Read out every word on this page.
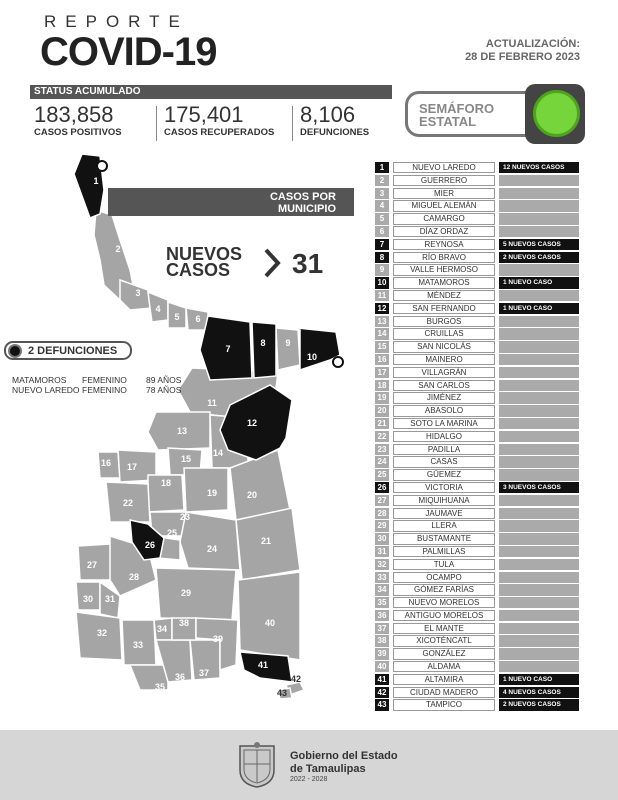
REPORTE
COVID-19	ACTUALIZACIÓN:
28 DE FEBRERO 2023
STATUS ACUMULADO
183,858
CASOS POSITIVOS
175,401
CASOS RECUPERADOS
8,106
DEFUNCIONES
SEMÁFORO
ESTATAL
1
2
3
4
5 6
7
8 9
10
11
12
13
14
15
16 17
18
19	20
21
22
23
24
25
26
27
28
29
30 31
32
33
34
35
36 37
38
39
40
41
42
43
CASOS POR
MUNICIPIO
NUEVOS
CASOS	31
2 DEFUNCIONES
MATAMOROS FEMENINO 89 AÑOS
NUEVO LAREDO FEMENINO 78 AÑOS
1	NUEVO LAREDO	12 NUEVOS CASOS
2	GUERRERO
3	MIER
4	MIGUEL ALEMÁN
5	CAMARGO
6	DÍAZ ORDAZ
7	REYNOSA	5 NUEVOS CASOS
8	RÍO BRAVO	2 NUEVOS CASOS
9	VALLE HERMOSO
10	MATAMOROS	1 NUEVO CASO
11	MÉNDEZ
12	SAN FERNANDO	1 NUEVO CASO
13	BURGOS
14	CRUILLAS
15	SAN NICOLÁS
16	MAINERO
17	VILLAGRÁN
18	SAN CARLOS
19	JIMÉNEZ
20	ABASOLO
21	SOTO LA MARINA
22	HIDALGO
23	PADILLA
24	CASAS
25	GÜEMEZ
26	VICTORIA	3 NUEVOS CASOS
27	MIQUIHUANA
28	JAUMAVE
29	LLERA
30	BUSTAMANTE
31	PALMILLAS
32	TULA
33	OCAMPO
34	GÓMEZ FARÍAS
35	NUEVO MORELOS
36	ANTIGUO MORELOS
37	EL MANTE
38	XICOTÉNCATL
39	GONZÁLEZ
40	ALDAMA
41	ALTAMIRA	1 NUEVO CASO
42	CIUDAD MADERO	4 NUEVOS CASOS
43	TAMPICO	2 NUEVOS CASOS
Gobierno del Estado
de Tamaulipas
2022 - 2028
